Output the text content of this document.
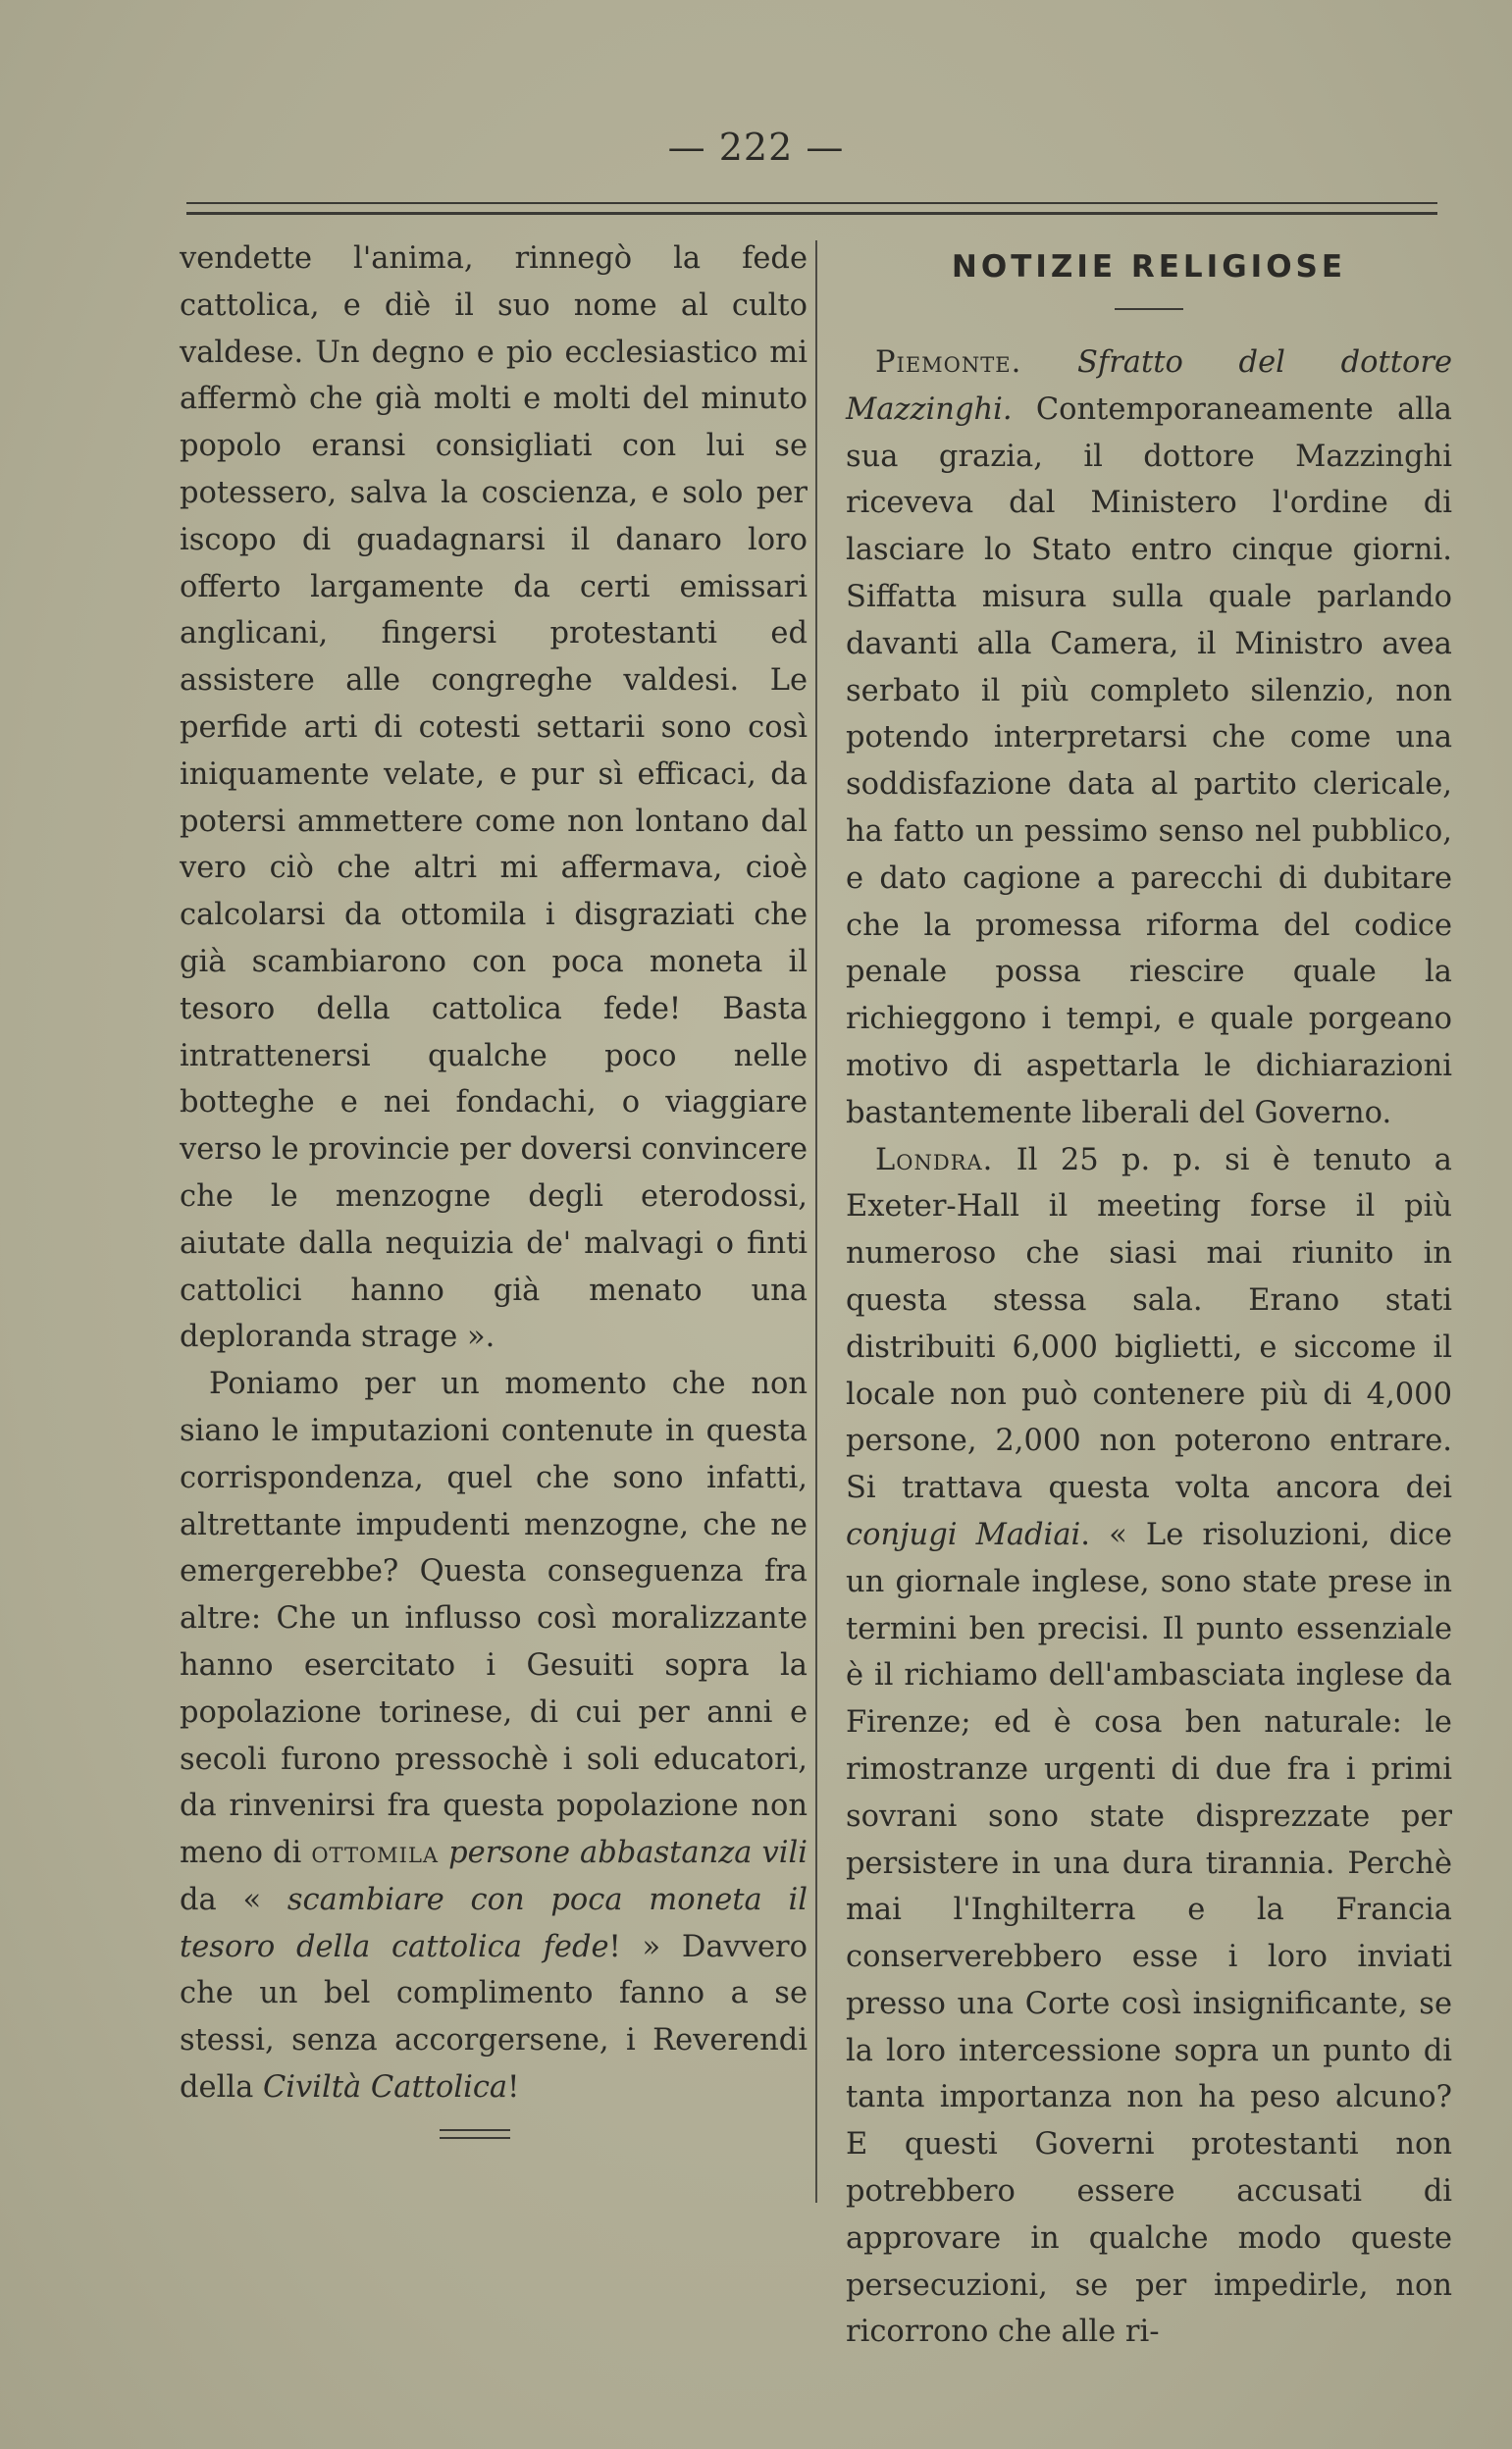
— 222 —

vendette l'anima, rinnegò la fede cattolica, e diè il suo nome al culto valdese. Un degno e pio ecclesiastico mi affermò che già molti e molti del minuto popolo eransi consigliati con lui se potessero, salva la coscienza, e solo per iscopo di guadagnarsi il danaro loro offerto largamente da certi emissari anglicani, fingersi protestanti ed assistere alle congreghe valdesi. Le perfide arti di cotesti settarii sono così iniquamente velate, e pur sì efficaci, da potersi ammettere come non lontano dal vero ciò che altri mi affermava, cioè calcolarsi da ottomila i disgraziati che già scambiarono con poca moneta il tesoro della cattolica fede! Basta intrattenersi qualche poco nelle botteghe e nei fondachi, o viaggiare verso le provincie per doversi convincere che le menzogne degli eterodossi, aiutate dalla nequizia de' malvagi o finti cattolici hanno già menato una deploranda strage ».

Poniamo per un momento che non siano le imputazioni contenute in questa corrispondenza, quel che sono infatti, altrettante impudenti menzogne, che ne emergerebbe? Questa conseguenza fra altre: Che un influsso così moralizzante hanno esercitato i Gesuiti sopra la popolazione torinese, di cui per anni e secoli furono pressochè i soli educatori, da rinvenirsi fra questa popolazione non meno di ottomila persone abbastanza vili da « scambiare con poca moneta il tesoro della cattolica fede! » Davvero che un bel complimento fanno a se stessi, senza accorgersene, i Reverendi della Civiltà Cattolica!

NOTIZIE RELIGIOSE

Piemonte. Sfratto del dottore Mazzinghi. Contemporaneamente alla sua grazia, il dottore Mazzinghi riceveva dal Ministero l'ordine di lasciare lo Stato entro cinque giorni. Siffatta misura sulla quale parlando davanti alla Camera, il Ministro avea serbato il più completo silenzio, non potendo interpretarsi che come una soddisfazione data al partito clericale, ha fatto un pessimo senso nel pubblico, e dato cagione a parecchi di dubitare che la promessa riforma del codice penale possa riescire quale la richieggono i tempi, e quale porgeano motivo di aspettarla le dichiarazioni bastantemente liberali del Governo.

Londra. Il 25 p. p. si è tenuto a Exeter-Hall il meeting forse il più numeroso che siasi mai riunito in questa stessa sala. Erano stati distribuiti 6,000 biglietti, e siccome il locale non può contenere più di 4,000 persone, 2,000 non poterono entrare. Si trattava questa volta ancora dei conjugi Madiai. « Le risoluzioni, dice un giornale inglese, sono state prese in termini ben precisi. Il punto essenziale è il richiamo dell'ambasciata inglese da Firenze; ed è cosa ben naturale: le rimostranze urgenti di due fra i primi sovrani sono state disprezzate per persistere in una dura tirannia. Perchè mai l'Inghilterra e la Francia conserverebbero esse i loro inviati presso una Corte così insignificante, se la loro intercessione sopra un punto di tanta importanza non ha peso alcuno? E questi Governi protestanti non potrebbero essere accusati di approvare in qualche modo queste persecuzioni, se per impedirle, non ricorrono che alle ri-
